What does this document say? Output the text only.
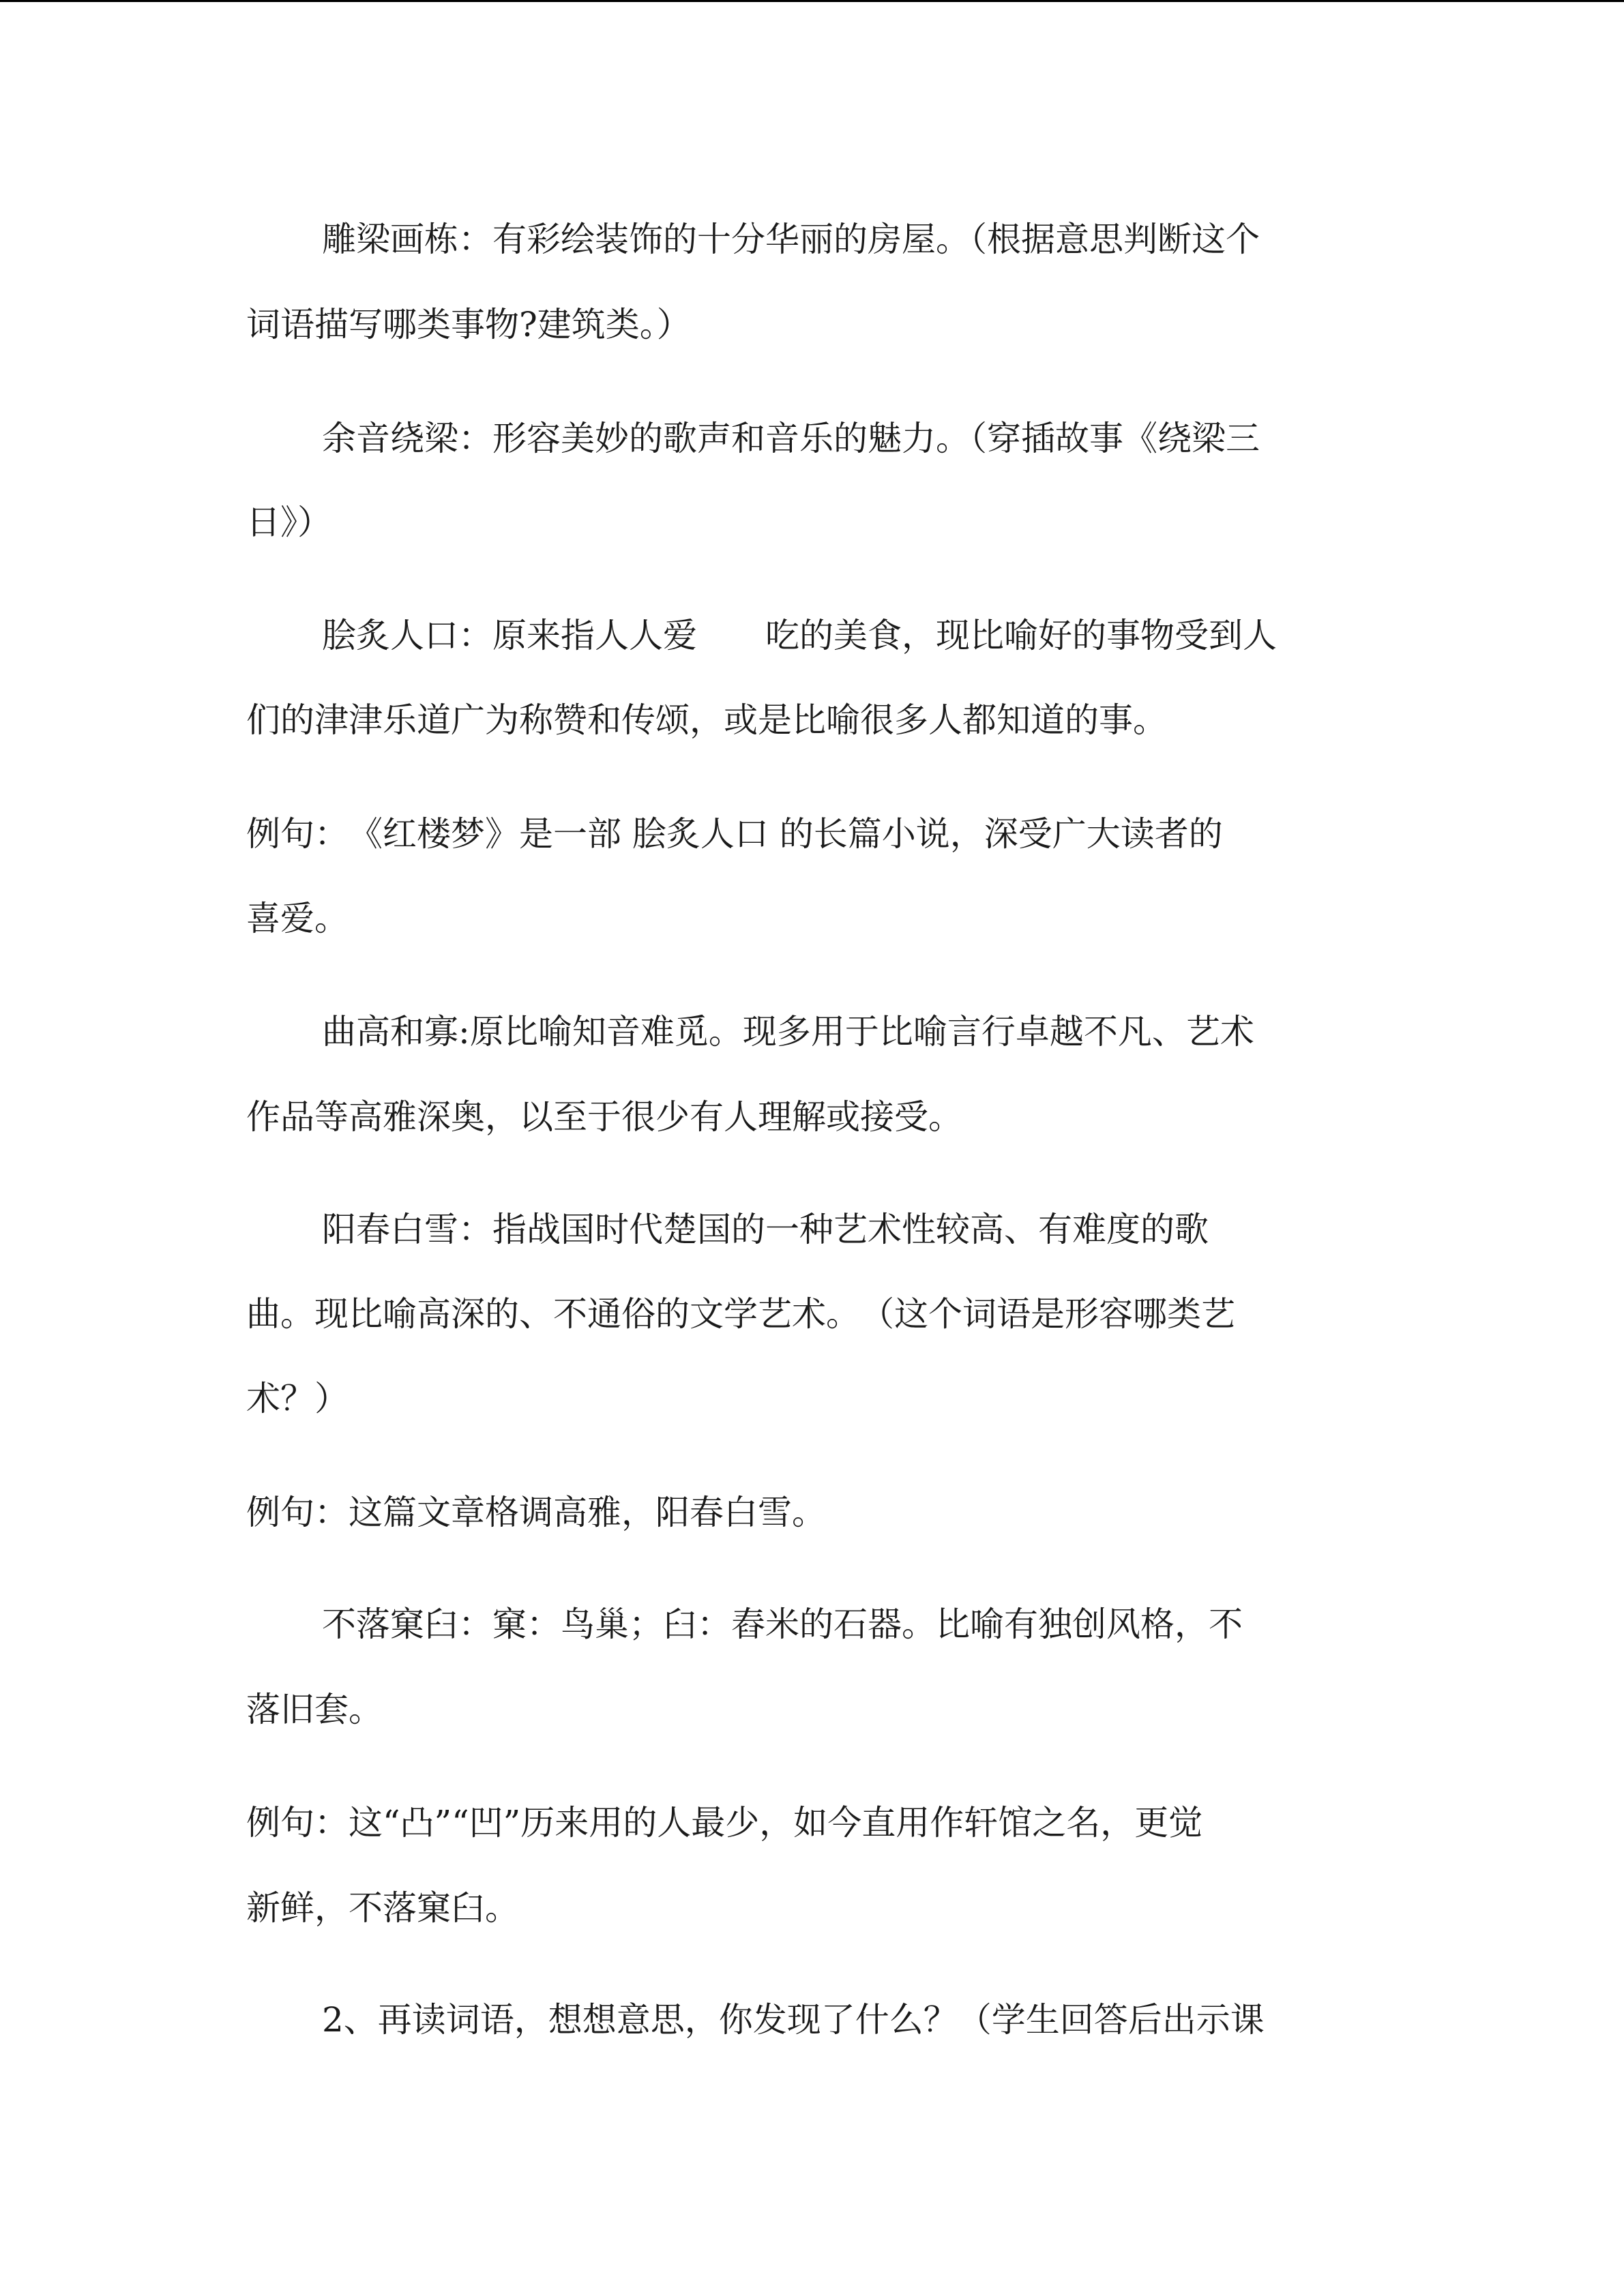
雕梁画栋：有彩绘装饰的十分华丽的房屋。（根据意思判断这个

词语描写哪类事物?建筑类。）

余音绕梁：形容美妙的歌声和音乐的魅力。（穿插故事《绕梁三

日》）

脍炙人口：原来指人人爱　　吃的美食，现比喻好的事物受到人

们的津津乐道广为称赞和传颂，或是比喻很多人都知道的事。

例句：　《红楼梦》是一部 脍炙人口 的长篇小说，深受广大读者的

喜爱。

曲高和寡:原比喻知音难觅。现多用于比喻言行卓越不凡、艺术

作品等高雅深奥，以至于很少有人理解或接受。

阳春白雪：指战国时代楚国的一种艺术性较高、有难度的歌

曲。现比喻高深的、不通俗的文学艺术。　（这个词语是形容哪类艺

术？）

例句：这篇文章格调高雅，阳春白雪。

不落窠臼：窠：鸟巢；臼：舂米的石器。比喻有独创风格，不

落旧套。

例句：这“凸”“凹”历来用的人最少，如今直用作轩馆之名，更觉

新鲜，不落窠臼。

2、再读词语，想想意思，你发现了什么？（学生回答后出示课
